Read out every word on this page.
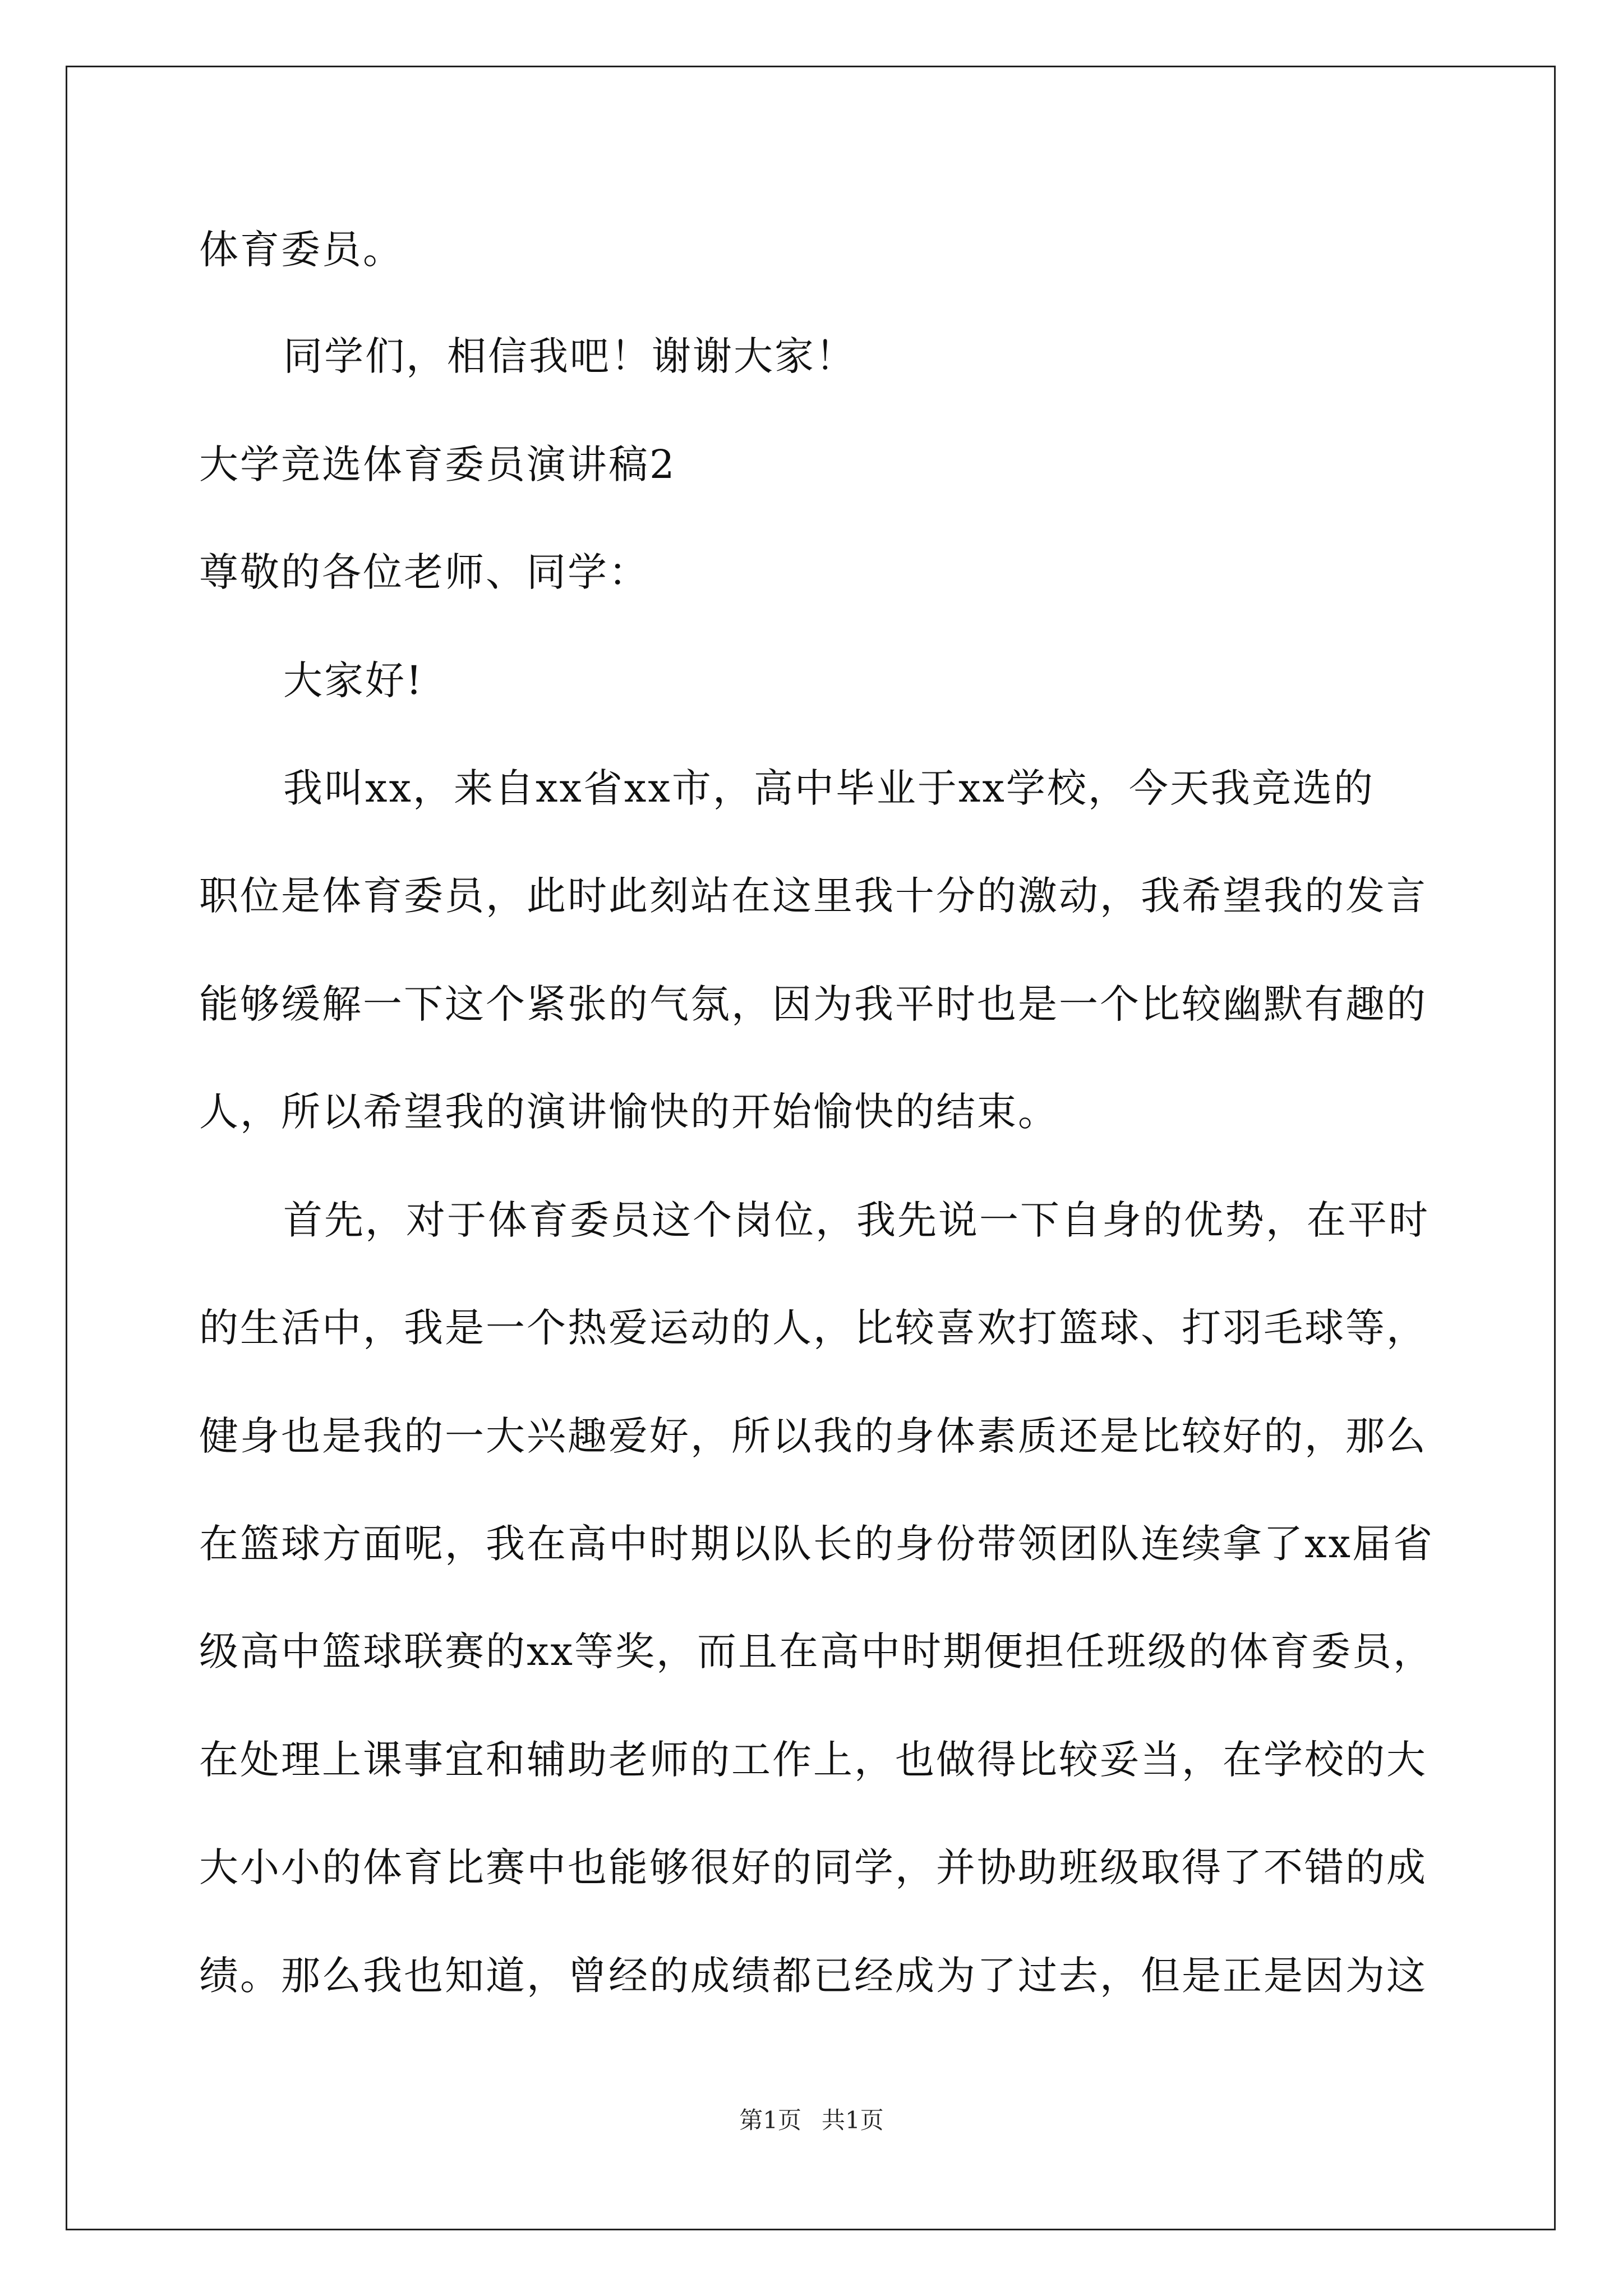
体育委员。
同学们，相信我吧！谢谢大家！
大学竞选体育委员演讲稿2
尊敬的各位老师、同学：
大家好!
我叫xx，来自xx省xx市，高中毕业于xx学校，今天我竞选的
职位是体育委员，此时此刻站在这里我十分的激动，我希望我的发言
能够缓解一下这个紧张的气氛，因为我平时也是一个比较幽默有趣的
人，所以希望我的演讲愉快的开始愉快的结束。
首先，对于体育委员这个岗位，我先说一下自身的优势，在平时
的生活中，我是一个热爱运动的人，比较喜欢打篮球、打羽毛球等，
健身也是我的一大兴趣爱好，所以我的身体素质还是比较好的，那么
在篮球方面呢，我在高中时期以队长的身份带领团队连续拿了xx届省
级高中篮球联赛的xx等奖，而且在高中时期便担任班级的体育委员，
在处理上课事宜和辅助老师的工作上，也做得比较妥当，在学校的大
大小小的体育比赛中也能够很好的同学，并协助班级取得了不错的成
绩。那么我也知道，曾经的成绩都已经成为了过去，但是正是因为这
第1页 共1页
